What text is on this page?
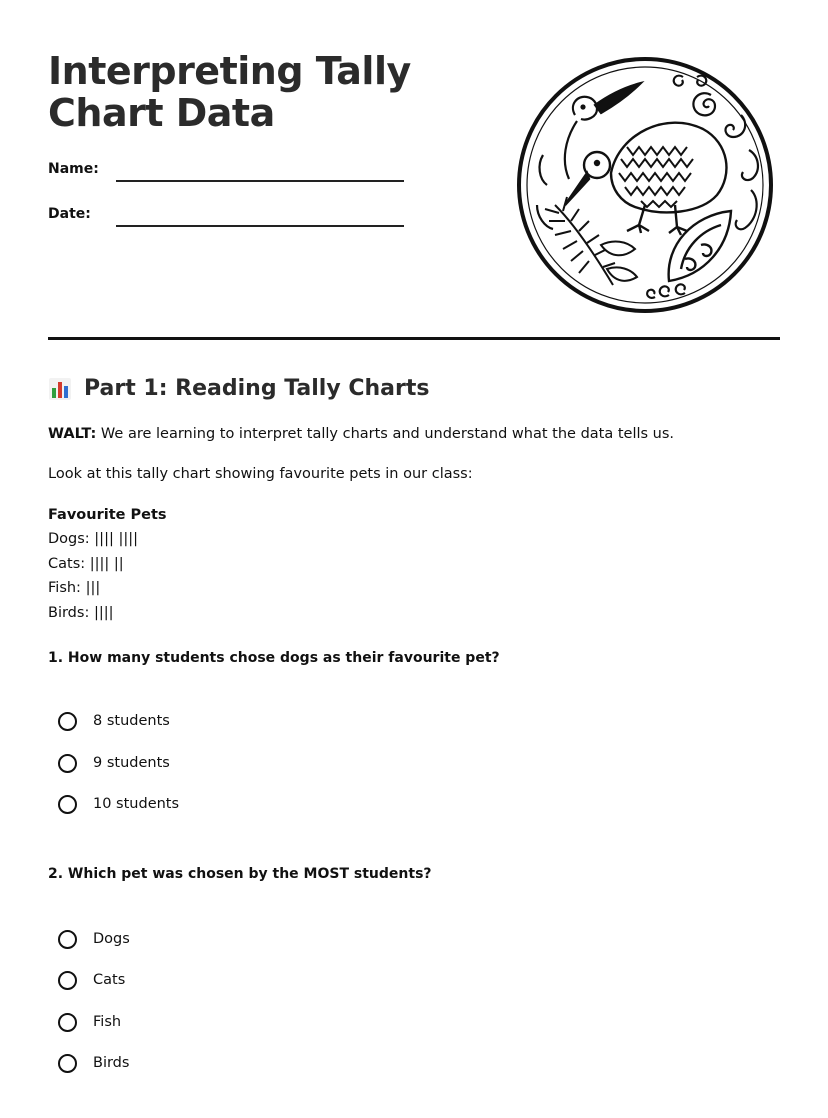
Interpreting Tally Chart Data
Name:
Date:
Part 1: Reading Tally Charts
WALT: We are learning to interpret tally charts and understand what the data tells us.
Look at this tally chart showing favourite pets in our class:
Favourite Pets
Dogs: |||| ||||
Cats: |||| ||
Fish: |||
Birds: ||||
1. How many students chose dogs as their favourite pet?
8 students
9 students
10 students
2. Which pet was chosen by the MOST students?
Dogs
Cats
Fish
Birds
